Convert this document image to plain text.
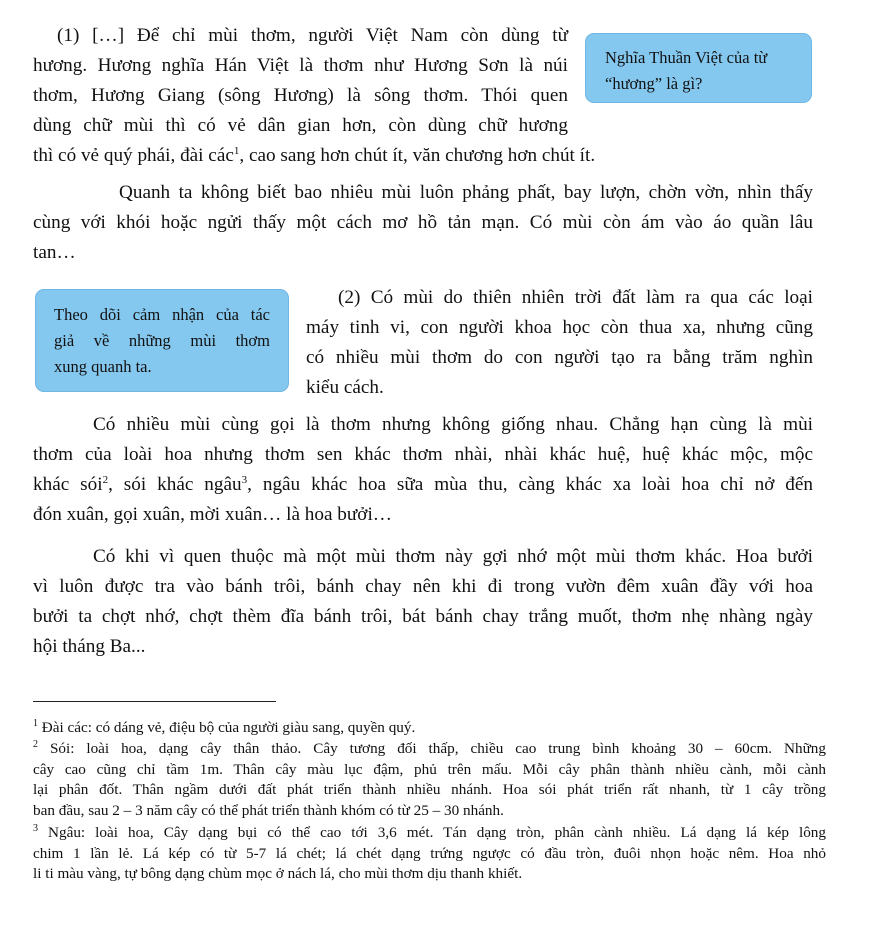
(1) […] Để chỉ mùi thơm, người Việt Nam còn dùng từ
hương. Hương nghĩa Hán Việt là thơm như Hương Sơn là núi
thơm, Hương Giang (sông Hương) là sông thơm. Thói quen
dùng chữ mùi thì có vẻ dân gian hơn, còn dùng chữ hương
thì có vẻ quý phái, đài các$^1$, cao sang hơn chút ít, văn chương hơn chút ít.
Nghĩa Thuần Việt của từ
“hương” là gì?
Quanh ta không biết bao nhiêu mùi luôn phảng phất, bay lượn, chờn vờn, nhìn thấy
cùng với khói hoặc ngửi thấy một cách mơ hồ tản mạn. Có mùi còn ám vào áo quần lâu
tan…
Theo dõi cảm nhận của tác
giả về những mùi thơm
xung quanh ta.
(2) Có mùi do thiên nhiên trời đất làm ra qua các loại
máy tinh vi, con người khoa học còn thua xa, nhưng cũng
có nhiều mùi thơm do con người tạo ra bằng trăm nghìn
kiểu cách.
Có nhiều mùi cùng gọi là thơm nhưng không giống nhau. Chẳng hạn cùng là mùi
thơm của loài hoa nhưng thơm sen khác thơm nhài, nhài khác huệ, huệ khác mộc, mộc
khác sói$^2$, sói khác ngâu$^3$, ngâu khác hoa sữa mùa thu, càng khác xa loài hoa chỉ nở đến
đón xuân, gọi xuân, mời xuân… là hoa bưởi…
Có khi vì quen thuộc mà một mùi thơm này gợi nhớ một mùi thơm khác. Hoa bưởi
vì luôn được tra vào bánh trôi, bánh chay nên khi đi trong vườn đêm xuân đầy với hoa
bưởi ta chợt nhớ, chợt thèm đĩa bánh trôi, bát bánh chay trắng muốt, thơm nhẹ nhàng ngày
hội tháng Ba...
$^1$ Đài các: có dáng vẻ, điệu bộ của người giàu sang, quyền quý.
$^2$ Sói: loài hoa, dạng cây thân thảo. Cây tương đối thấp, chiều cao trung bình khoảng 30 – 60cm. Những
cây cao cũng chỉ tầm 1m. Thân cây màu lục đậm, phủ trên mấu. Mỗi cây phân thành nhiều cành, mỗi cành
lại phân đốt. Thân ngầm dưới đất phát triển thành nhiều nhánh. Hoa sói phát triển rất nhanh, từ 1 cây trồng
ban đầu, sau 2 – 3 năm cây có thể phát triển thành khóm có từ 25 – 30 nhánh.
$^3$ Ngâu: loài hoa, Cây dạng bụi có thể cao tới 3,6 mét. Tán dạng tròn, phân cành nhiều. Lá dạng lá kép lông
chim 1 lần lẻ. Lá kép có từ 5-7 lá chét; lá chét dạng trứng ngược có đầu tròn, đuôi nhọn hoặc nêm. Hoa nhỏ
li ti màu vàng, tự bông dạng chùm mọc ở nách lá, cho mùi thơm dịu thanh khiết.
